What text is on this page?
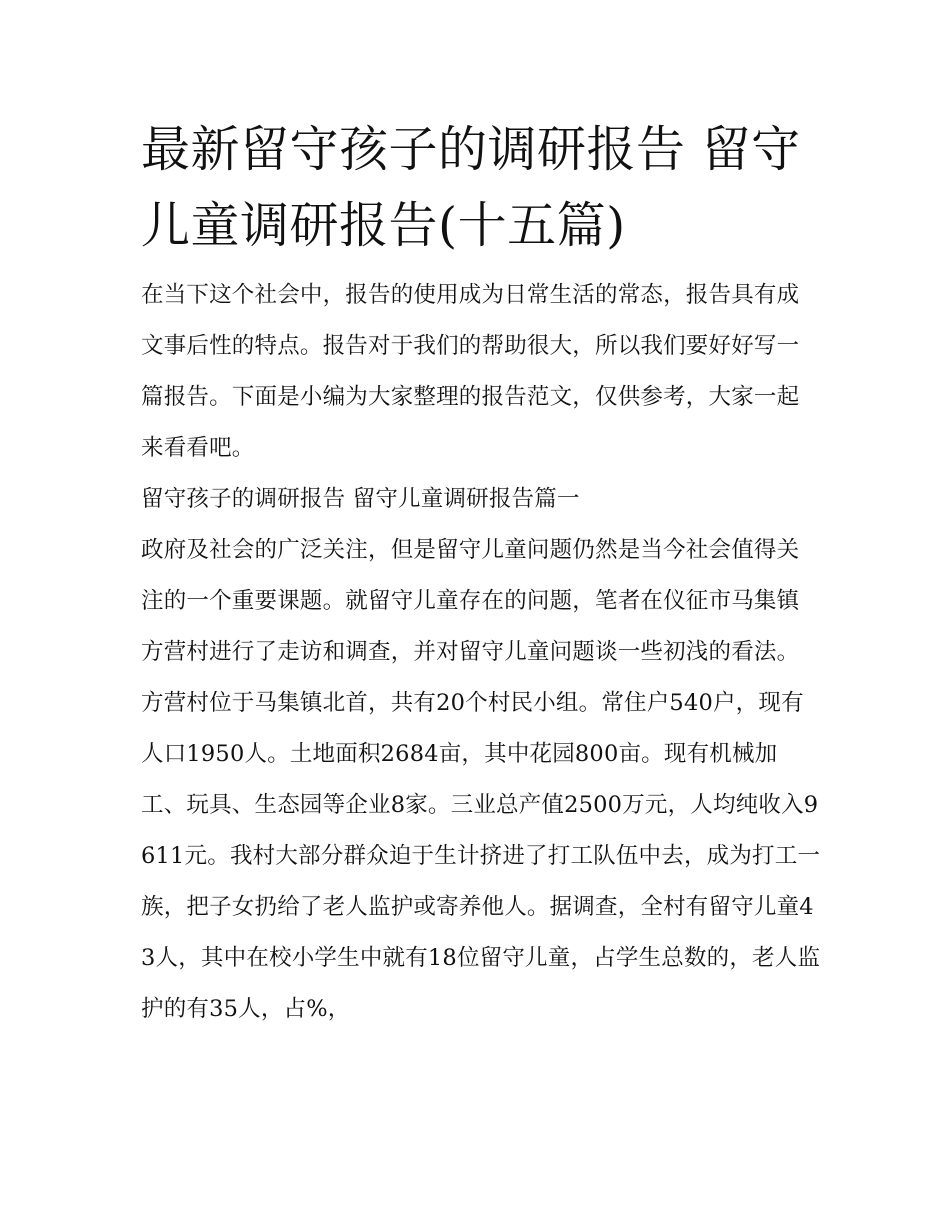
最新留守孩子的调研报告 留守儿童调研报告(十五篇)

在当下这个社会中，报告的使用成为日常生活的常态，报告具有成文事后性的特点。报告对于我们的帮助很大，所以我们要好好写一篇报告。下面是小编为大家整理的报告范文，仅供参考，大家一起来看看吧。

留守孩子的调研报告 留守儿童调研报告篇一

政府及社会的广泛关注，但是留守儿童问题仍然是当今社会值得关注的一个重要课题。就留守儿童存在的问题，笔者在仪征市马集镇方营村进行了走访和调查，并对留守儿童问题谈一些初浅的看法。

方营村位于马集镇北首，共有20个村民小组。常住户540户，现有人口1950人。土地面积2684亩，其中花园800亩。现有机械加工、玩具、生态园等企业8家。三业总产值2500万元，人均纯收入9611元。我村大部分群众迫于生计挤进了打工队伍中去，成为打工一族，把子女扔给了老人监护或寄养他人。据调查，全村有留守儿童43人，其中在校小学生中就有18位留守儿童，占学生总数的，老人监护的有35人，占%，
